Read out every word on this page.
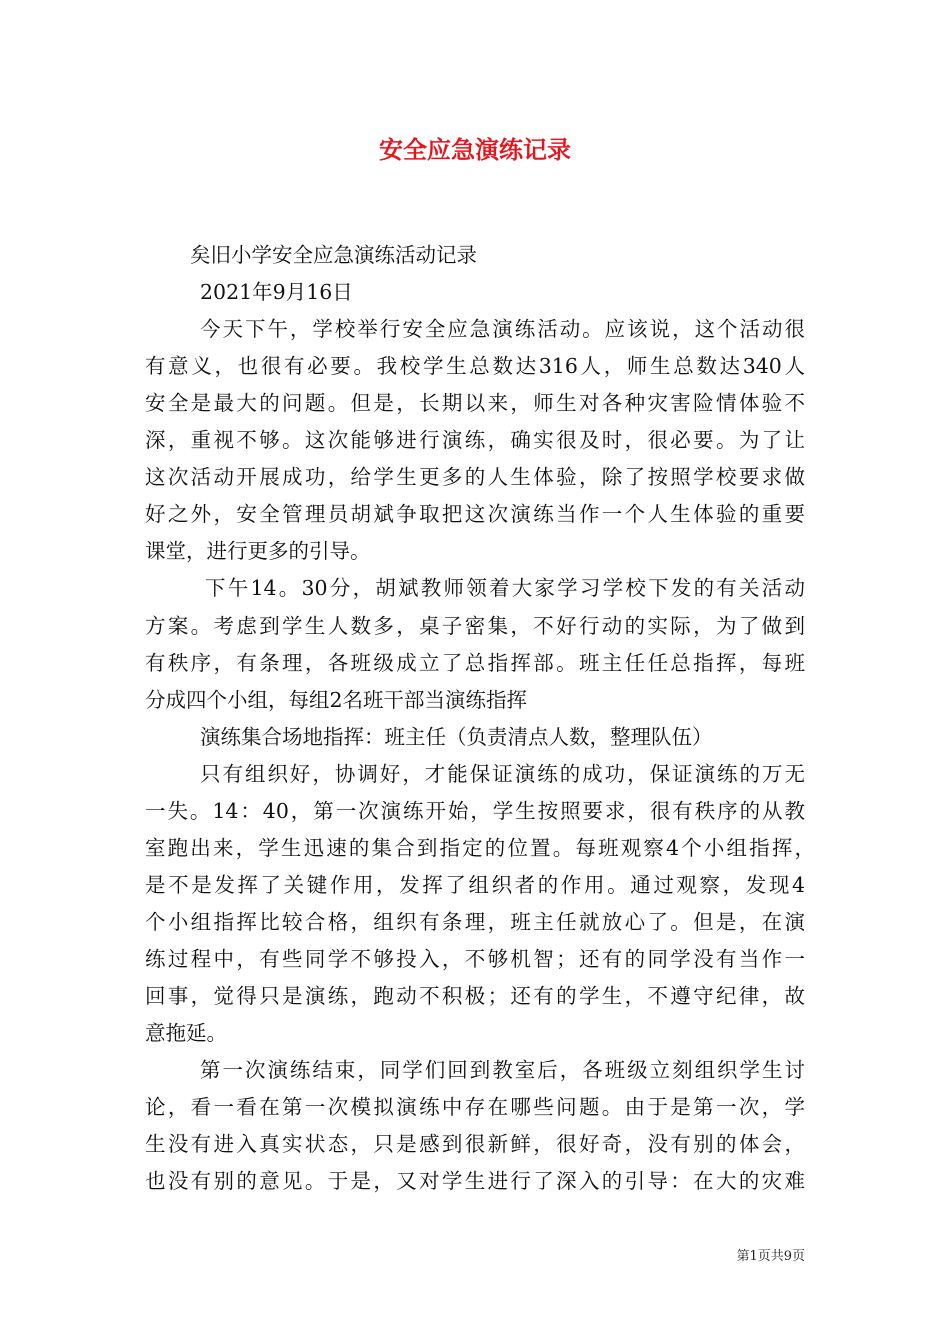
安全应急演练记录
矣旧小学安全应急演练活动记录
2021年9月16日
今天下午，学校举行安全应急演练活动。应该说，这个活动很
有意义，也很有必要。我校学生总数达316人，师生总数达340人
安全是最大的问题。但是，长期以来，师生对各种灾害险情体验不
深，重视不够。这次能够进行演练，确实很及时，很必要。为了让
这次活动开展成功，给学生更多的人生体验，除了按照学校要求做
好之外，安全管理员胡斌争取把这次演练当作一个人生体验的重要
课堂，进行更多的引导。
下午14。30分，胡斌教师领着大家学习学校下发的有关活动
方案。考虑到学生人数多，桌子密集，不好行动的实际，为了做到
有秩序，有条理，各班级成立了总指挥部。班主任任总指挥，每班
分成四个小组，每组2名班干部当演练指挥
演练集合场地指挥：班主任（负责清点人数，整理队伍）
只有组织好，协调好，才能保证演练的成功，保证演练的万无
一失。14：40，第一次演练开始，学生按照要求，很有秩序的从教
室跑出来，学生迅速的集合到指定的位置。每班观察4个小组指挥，
是不是发挥了关键作用，发挥了组织者的作用。通过观察，发现4
个小组指挥比较合格，组织有条理，班主任就放心了。但是，在演
练过程中，有些同学不够投入，不够机智；还有的同学没有当作一
回事，觉得只是演练，跑动不积极；还有的学生，不遵守纪律，故
意拖延。
第一次演练结束，同学们回到教室后，各班级立刻组织学生讨
论，看一看在第一次模拟演练中存在哪些问题。由于是第一次，学
生没有进入真实状态，只是感到很新鲜，很好奇，没有别的体会，
也没有别的意见。于是，又对学生进行了深入的引导：在大的灾难
第1页共9页
